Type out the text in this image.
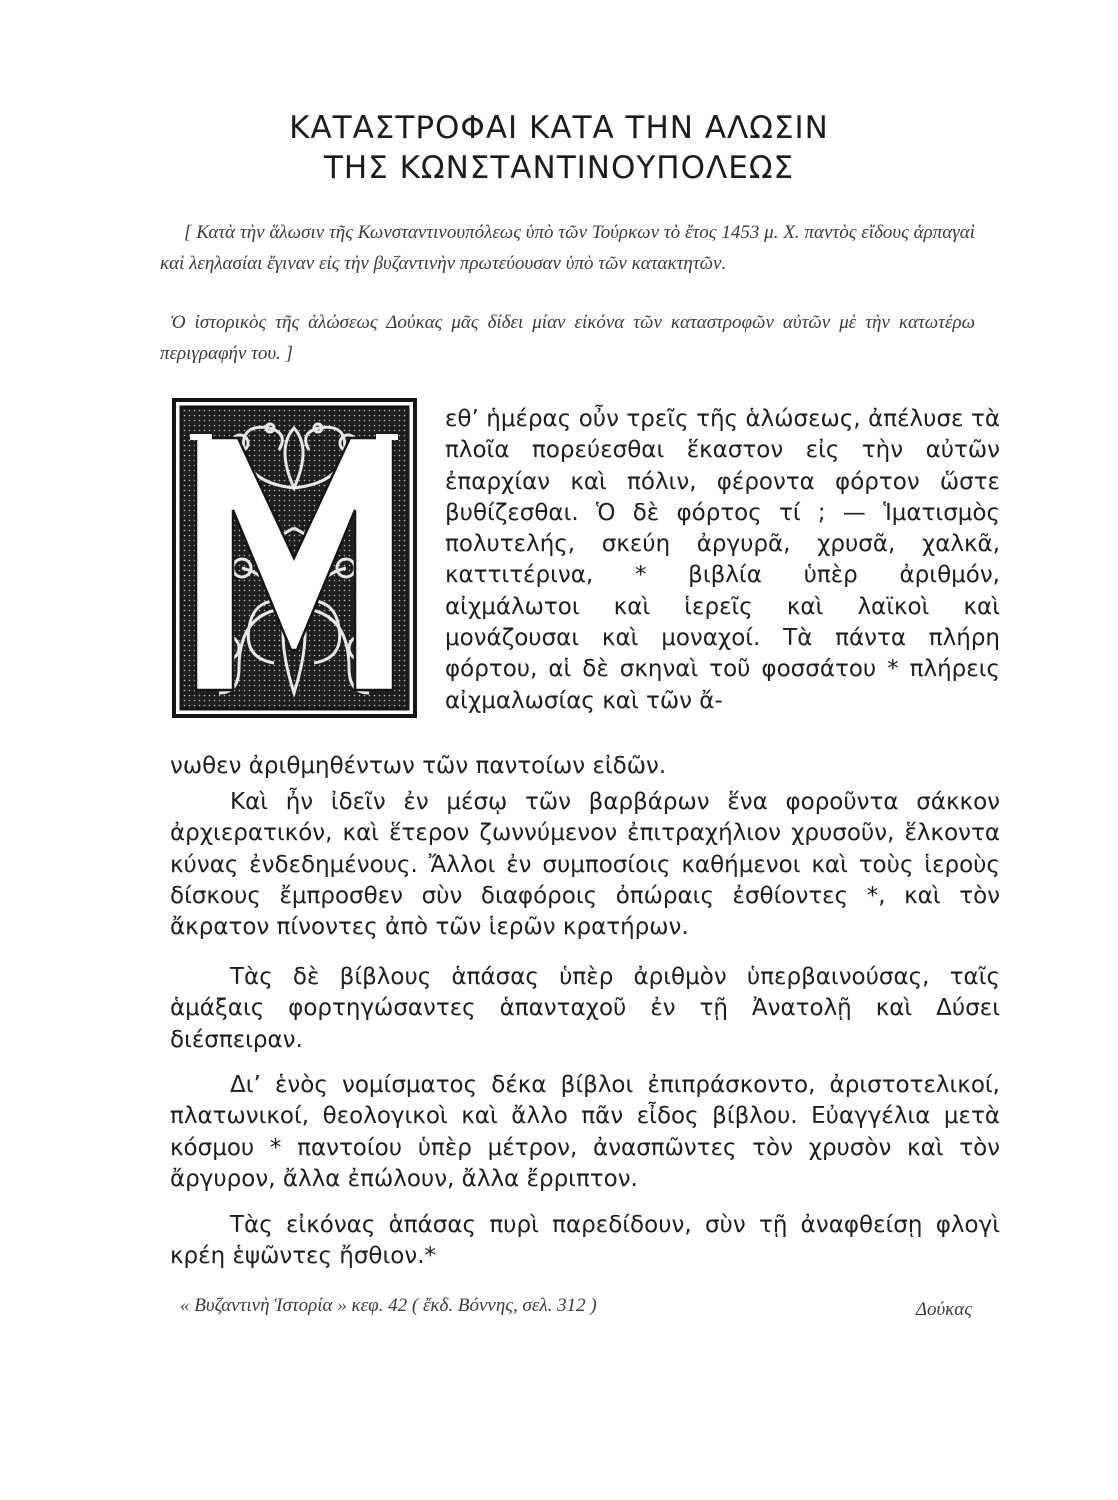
ΚΑΤΑΣΤΡΟΦΑΙ ΚΑΤΑ ΤΗΝ ΑΛΩΣΙΝ
ΤΗΣ ΚΩΝΣΤΑΝΤΙΝΟΥΠΟΛΕΩΣ
[ Κατὰ τὴν ἅλωσιν τῆς Κωνσταντινουπόλεως ὑπὸ τῶν Τούρκων τὸ ἔτος 1453 μ. Χ. παντὸς εἴδους ἁρπαγαὶ καὶ λεηλασίαι ἔγιναν εἰς τὴν βυζαντινὴν πρωτεύουσαν ὑπὸ τῶν κατακτητῶν.
Ὁ ἱστορικὸς τῆς ἁλώσεως Δούκας μᾶς δίδει μίαν εἰκόνα τῶν καταστροφῶν αὐτῶν μὲ τὴν κατωτέρω περιγραφήν του. ]

εθ’ ἡμέρας οὖν τρεῖς τῆς ἁλώσεως, ἀπέλυσε τὰ πλοῖα πορεύεσθαι ἕκαστον εἰς τὴν αὐτῶν ἐπαρχίαν καὶ πόλιν, φέροντα φόρτον ὥστε βυθίζεσθαι. Ὁ δὲ φόρτος τί ; — Ἱματισμὸς πολυτελής, σκεύη ἀργυρᾶ, χρυσᾶ, χαλκᾶ, καττιτέρινα, * βιβλία ὑπὲρ ἀριθμόν, αἰχμάλωτοι καὶ ἱερεῖς καὶ λαϊκοὶ καὶ μονάζουσαι καὶ μοναχοί. Τὰ πάντα πλήρη φόρτου, αἱ δὲ σκηναὶ τοῦ φοσσάτου * πλήρεις αἰχμαλωσίας καὶ τῶν ἄ-

νωθεν ἀριθμηθέντων τῶν παντοίων εἰδῶν.

Καὶ ἦν ἰδεῖν ἐν μέσῳ τῶν βαρβάρων ἕνα φοροῦντα σάκκον ἀρχιερατικόν, καὶ ἕτερον ζωννύμενον ἐπιτραχήλιον χρυσοῦν, ἕλκοντα κύνας ἐνδεδημένους. Ἄλλοι ἐν συμποσίοις καθήμενοι καὶ τοὺς ἱεροὺς δίσκους ἔμπροσθεν σὺν διαφόροις ὀπώραις ἐσθίοντες *, καὶ τὸν ἄκρατον πίνοντες ἀπὸ τῶν ἱερῶν κρατήρων.

Τὰς δὲ βίβλους ἁπάσας ὑπὲρ ἀριθμὸν ὑπερβαινούσας, ταῖς ἁμάξαις φορτηγώσαντες ἁπανταχοῦ ἐν τῇ Ἀνατολῇ καὶ Δύσει διέσπειραν.

Δι’ ἑνὸς νομίσματος δέκα βίβλοι ἐπιπράσκοντο, ἀριστοτελικοί, πλατωνικοί, θεολογικοὶ καὶ ἄλλο πᾶν εἶδος βίβλου. Εὐαγγέλια μετὰ κόσμου * παντοίου ὑπὲρ μέτρον, ἀνασπῶντες τὸν χρυσὸν καὶ τὸν ἄργυρον, ἄλλα ἐπώλουν, ἄλλα ἔρριπτον.

Τὰς εἰκόνας ἁπάσας πυρὶ παρεδίδουν, σὺν τῇ ἀναφθείσῃ φλογὶ κρέη ἑψῶντες ἤσθιον.*

« Βυζαντινὴ Ἱστορία » κεφ. 42 ( ἔκδ. Βόννης, σελ. 312 )	Δούκας
